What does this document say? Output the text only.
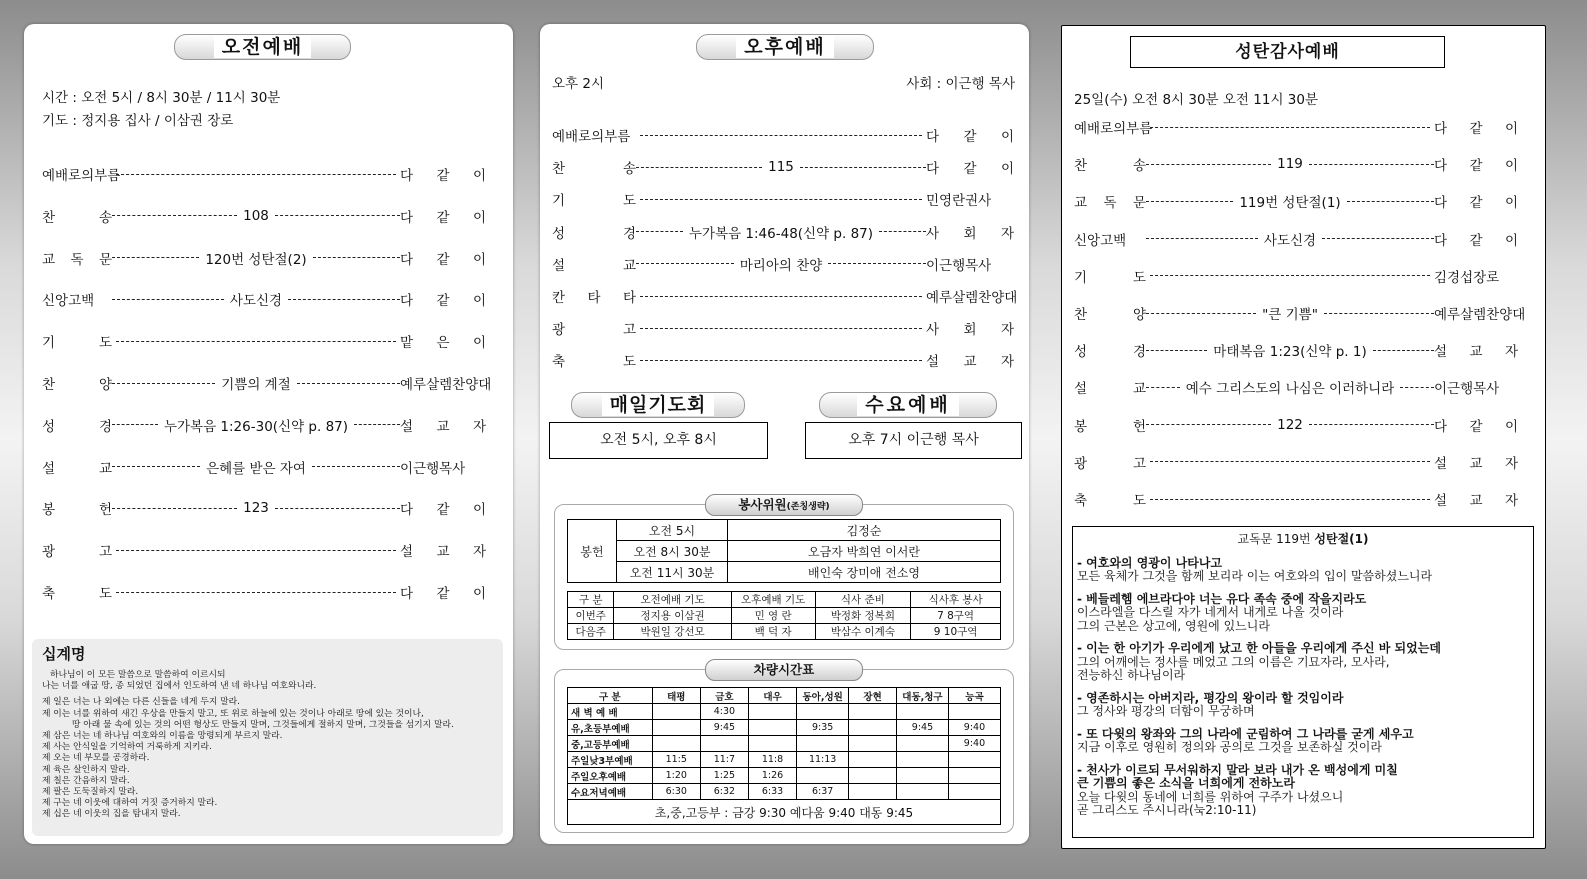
오전예배
시간 : 오전 5시 / 8시 30분 / 11시 30분
기도 : 정지용 집사 / 이삼권 장로
예배로의부름	다 같 이
찬 송	108	다 같 이
교 독 문	120번 성탄절(2)	다 같 이
신앙고백	사도신경	다 같 이
기 도	맡 은 이
찬 양	기쁨의 계절	예루살렘찬양대
성 경	누가복음 1:26-30(신약 p. 87)	설 교 자
설 교	은혜를 받은 자여	이근행목사
봉 헌	123	다 같 이
광 고	설 교 자
축 도	다 같 이
십계명
하나님이 이 모든 말씀으로 말씀하여 이르시되
나는 너를 애굽 땅, 종 되었던 집에서 인도하여 낸 네 하나님 여호와니라.
제 일은 너는 나 외에는 다른 신들을 네게 두지 말라.
제 이는 너를 위하여 새긴 우상을 만들지 말고, 또 위로 하늘에 있는 것이나 아래로 땅에 있는 것이나,
땅 아래 물 속에 있는 것의 어떤 형상도 만들지 말며, 그것들에게 절하지 말며, 그것들을 섬기지 말라.
제 삼은 너는 네 하나님 여호와의 이름을 망령되게 부르지 말라.
제 사는 안식일을 기억하여 거룩하게 지키라.
제 오는 네 부모를 공경하라.
제 육은 살인하지 말라.
제 칠은 간음하지 말라.
제 팔은 도둑질하지 말라.
제 구는 네 이웃에 대하여 거짓 증거하지 말라.
제 십은 네 이웃의 집을 탐내지 말라.
오후예배
오후 2시	사회 : 이근행 목사
예배로의부름	다 같 이
찬 송	115	다 같 이
기 도	민영란권사
성 경	누가복음 1:46-48(신약 p. 87)	사 회 자
설 교	마리아의 찬양	이근행목사
칸 타 타	예루살렘찬양대
광 고	사 회 자
축 도	설 교 자
매일기도회
오전 5시, 오후 8시
수요예배
오후 7시 이근행 목사
봉사위원(존칭생략)
봉헌	오전 5시	김정순
	오전 8시 30분	오금자 박희연 이서란
	오전 11시 30분	배인숙 장미애 전소영
구 분	오전예배 기도	오후예배 기도	식사 준비	식사후 봉사
이번주	정지용 이삼권	민 영 란	박정화 정복희	7 8구역
다음주	박원일 강선모	백 덕 자	박삼수 이계숙	9 10구역
차량시간표
구 분	태평	금호	대우	동아,성원	장현	대동,청구	능곡
새 벽 예 배		4:30					
유,초등부예배		9:45		9:35		9:45	9:40
중,고등부예배							9:40
주일낮3부예배	11:5	11:7	11:8	11:13			
주일오후예배	1:20	1:25	1:26				
수요저녁예배	6:30	6:32	6:33	6:37			
초,중,고등부 : 금강 9:30 예다움 9:40 대동 9:45							
성탄감사예배
25일(수) 오전 8시 30분 오전 11시 30분
예배로의부름	다 같 이
찬 송	119	다 같 이
교 독 문	119번 성탄절(1)	다 같 이
신앙고백	사도신경	다 같 이
기 도	김경섭장로
찬 양	"큰 기쁨"	예루살렘찬양대
성 경	마태복음 1:23(신약 p. 1)	설 교 자
설 교	예수 그리스도의 나심은 이러하니라	이근행목사
봉 헌	122	다 같 이
광 고	설 교 자
축 도	설 교 자
교독문 119번 성탄절(1)
- 여호와의 영광이 나타나고
모든 육체가 그것을 함께 보리라 이는 여호와의 입이 말씀하셨느니라
- 베들레헴 에브라다야 너는 유다 족속 중에 작을지라도
이스라엘을 다스릴 자가 네게서 내게로 나올 것이라
그의 근본은 상고에, 영원에 있느니라
- 이는 한 아기가 우리에게 났고 한 아들을 우리에게 주신 바 되었는데
그의 어깨에는 정사를 메었고 그의 이름은 기묘자라, 모사라,
전능하신 하나님이라
- 영존하시는 아버지라, 평강의 왕이라 할 것임이라
그 정사와 평강의 더함이 무궁하며
- 또 다윗의 왕좌와 그의 나라에 군림하여 그 나라를 굳게 세우고
지금 이후로 영원히 정의와 공의로 그것을 보존하실 것이라
- 천사가 이르되 무서워하지 말라 보라 내가 온 백성에게 미칠
큰 기쁨의 좋은 소식을 너희에게 전하노라
오늘 다윗의 동네에 너희를 위하여 구주가 나셨으니
곧 그리스도 주시니라(눅2:10-11)
